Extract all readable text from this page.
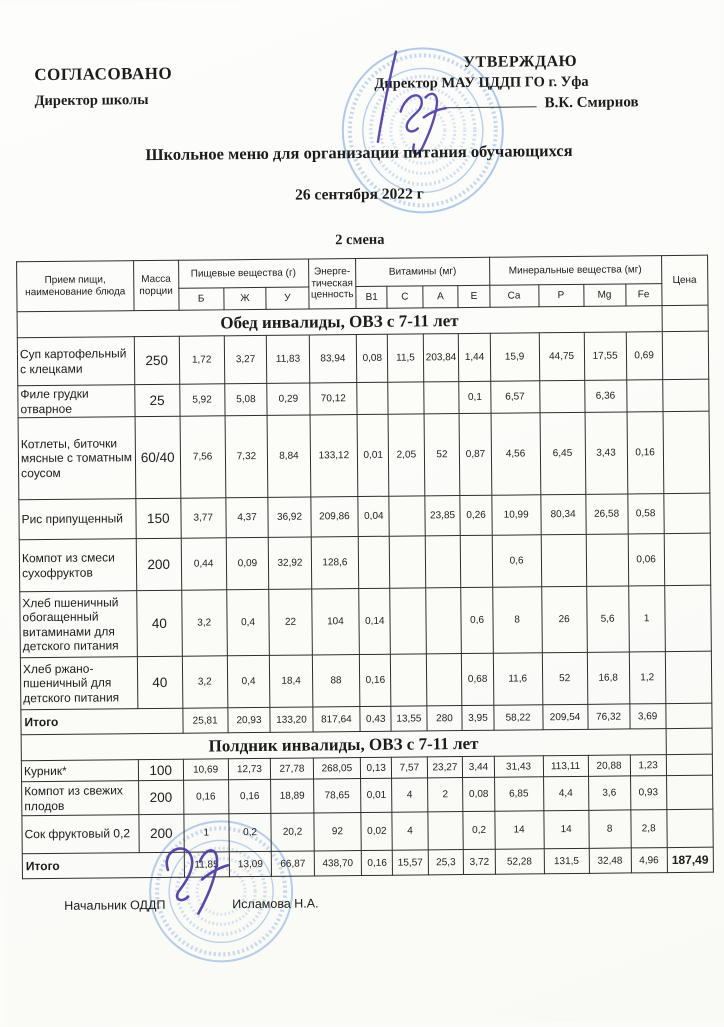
СОГЛАСОВАНО
Директор школы
УТВЕРЖДАЮ
Директор МАУ ЦДДП ГО г. Уфа
В.К. Смирнов
Школьное меню для организации питания обучающихся
26 сентября 2022 г
2 смена
Прием пищи, наименование блюда	Масса порции	Пищевые вещества (г)			Энерге- тическая ценность	Витамины (мг)				Минеральные вещества (мг)				Цена
		Б	Ж	У		B1	С	А	Е	Ca	P	Mg	Fe	
Обед инвалиды, ОВЗ с 7-11 лет														
Суп картофельный с клецками	250	1,72	3,27	11,83	83,94	0,08	11,5	203,84	1,44	15,9	44,75	17,55	0,69	
Филе грудки отварное	25	5,92	5,08	0,29	70,12				0,1	6,57		6,36		
Котлеты, биточки мясные с томатным соусом	60/40	7,56	7,32	8,84	133,12	0,01	2,05	52	0,87	4,56	6,45	3,43	0,16	
Рис припущенный	150	3,77	4,37	36,92	209,86	0,04		23,85	0,26	10,99	80,34	26,58	0,58	
Компот из смеси сухофруктов	200	0,44	0,09	32,92	128,6					0,6			0,06	
Хлеб пшеничный обогащенный витаминами для детского питания	40	3,2	0,4	22	104	0,14			0,6	8	26	5,6	1	
Хлеб ржано-пшеничный для детского питания	40	3,2	0,4	18,4	88	0,16			0,68	11,6	52	16,8	1,2	
Итого		25,81	20,93	133,20	817,64	0,43	13,55	280	3,95	58,22	209,54	76,32	3,69	
Полдник инвалиды, ОВЗ с 7-11 лет														
Курник*	100	10,69	12,73	27,78	268,05	0,13	7,57	23,27	3,44	31,43	113,11	20,88	1,23	
Компот из свежих плодов	200	0,16	0,16	18,89	78,65	0,01	4	2	0,08	6,85	4,4	3,6	0,93	
Сок фруктовый 0,2	200	1	0,2	20,2	92	0,02	4		0,2	14	14	8	2,8	
Итого		11,85	13,09	66,87	438,70	0,16	15,57	25,3	3,72	52,28	131,5	32,48	4,96	187,49
Начальник ОДДП	Исламова Н.А.
